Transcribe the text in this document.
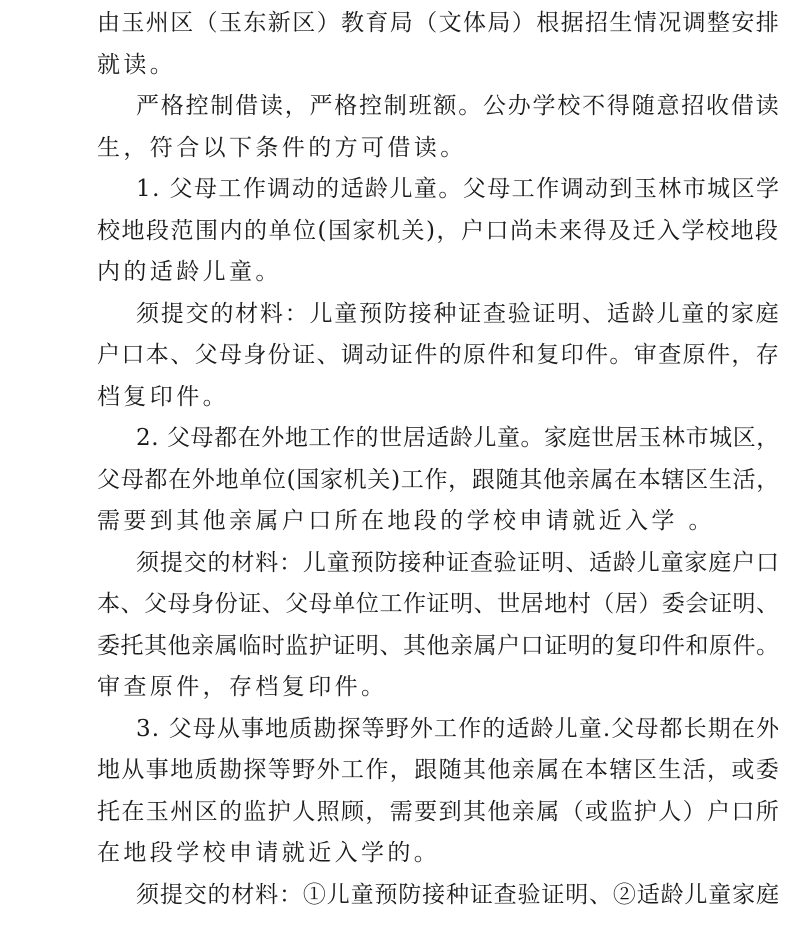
由玉州区（玉东新区）教育局（文体局）根据招生情况调整安排
就读。
严格控制借读，严格控制班额。公办学校不得随意招收借读
生，符合以下条件的方可借读。
1. 父母工作调动的适龄儿童。父母工作调动到玉林市城区学
校地段范围内的单位(国家机关)，户口尚未来得及迁入学校地段
内的适龄儿童。
须提交的材料：儿童预防接种证查验证明、适龄儿童的家庭
户口本、父母身份证、调动证件的原件和复印件。审查原件，存
档复印件。
2. 父母都在外地工作的世居适龄儿童。家庭世居玉林市城区，
父母都在外地单位(国家机关)工作，跟随其他亲属在本辖区生活，
需要到其他亲属户口所在地段的学校申请就近入学 。
须提交的材料：儿童预防接种证查验证明、适龄儿童家庭户口
本、父母身份证、父母单位工作证明、世居地村（居）委会证明、
委托其他亲属临时监护证明、其他亲属户口证明的复印件和原件。
审查原件，存档复印件。
3. 父母从事地质勘探等野外工作的适龄儿童.父母都长期在外
地从事地质勘探等野外工作，跟随其他亲属在本辖区生活，或委
托在玉州区的监护人照顾，需要到其他亲属（或监护人）户口所
在地段学校申请就近入学的。
须提交的材料：①儿童预防接种证查验证明、②适龄儿童家庭
